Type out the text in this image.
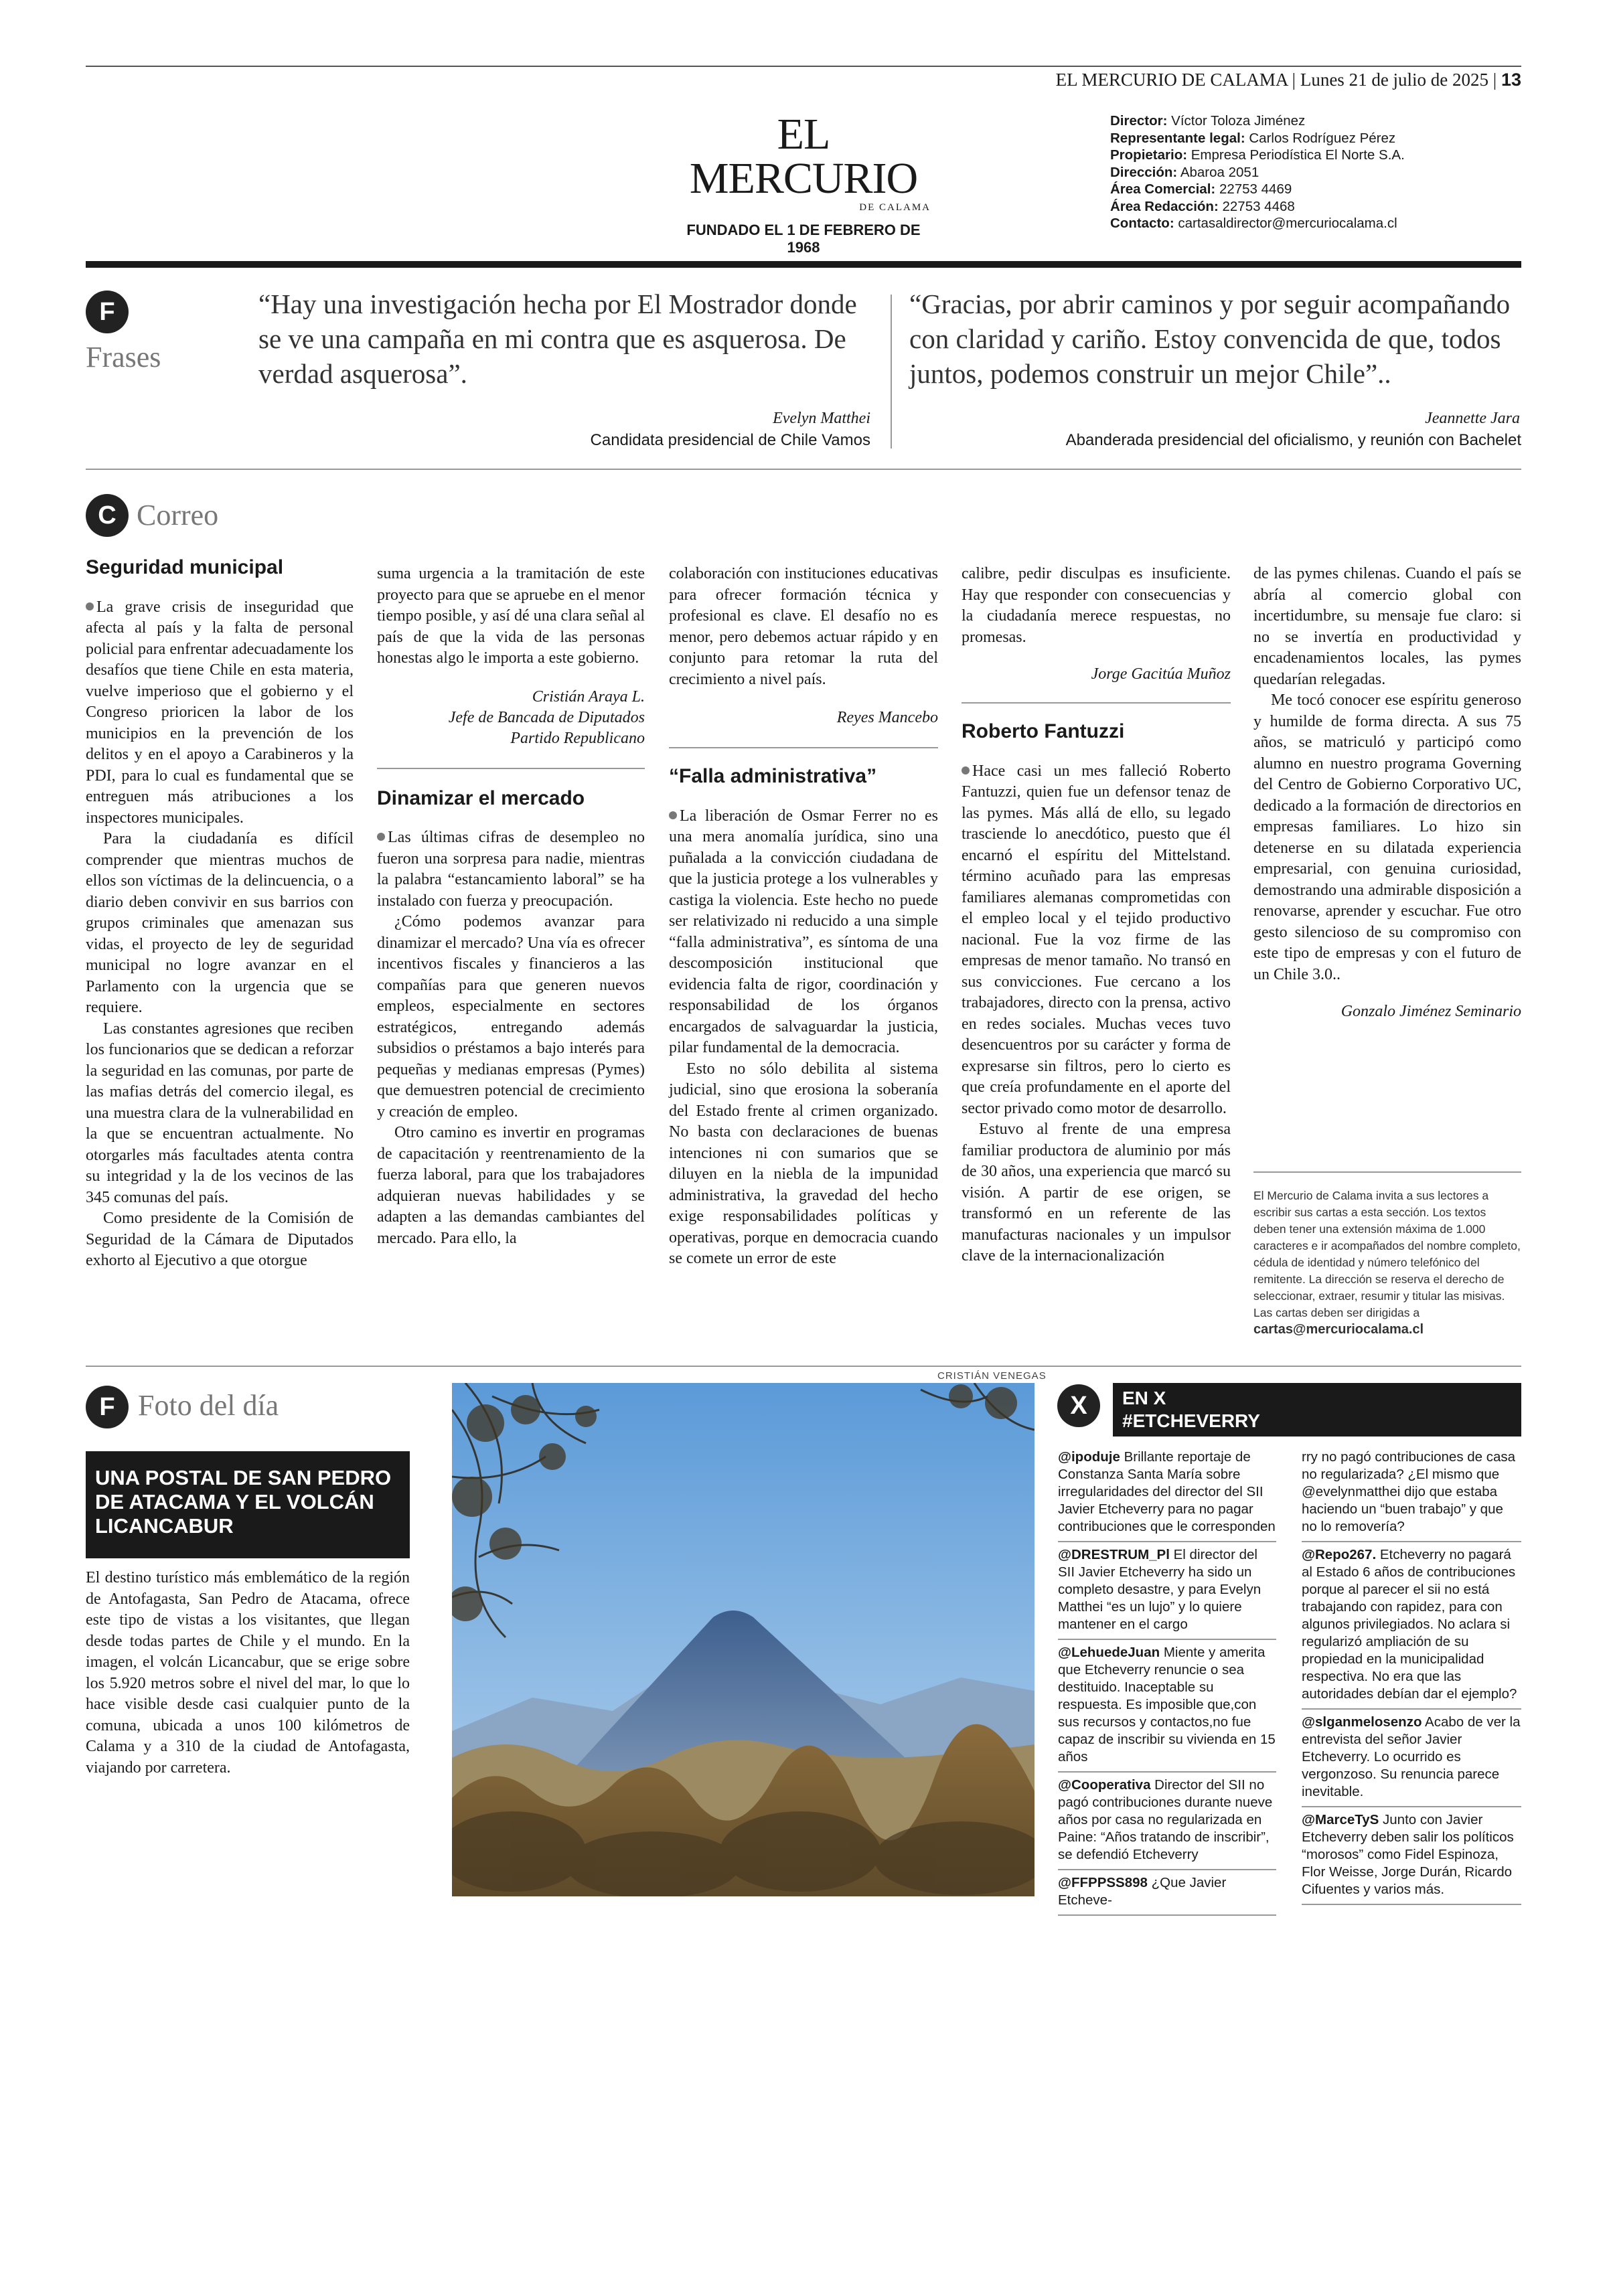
EL MERCURIO DE CALAMA | Lunes 21 de julio de 2025 | 13
EL MERCURIO
DE CALAMA
FUNDADO EL 1 DE FEBRERO DE 1968
Director: Víctor Toloza Jiménez
Representante legal: Carlos Rodríguez Pérez
Propietario: Empresa Periodística El Norte S.A.
Dirección: Abaroa 2051
Área Comercial: 22753 4469
Área Redacción: 22753 4468
Contacto: cartasaldirector@mercuriocalama.cl
F
Frases
“Hay una investigación hecha por El Mostrador donde se ve una campaña en mi contra que es asquerosa. De verdad asquerosa”.
Evelyn Matthei
Candidata presidencial de Chile Vamos
“Gracias, por abrir caminos y por seguir acompañando con claridad y cariño. Estoy convencida de que, todos juntos, podemos construir un mejor Chile”..
Jeannette Jara
Abanderada presidencial del oficialismo, y reunión con Bachelet
C Correo
Seguridad municipal

La grave crisis de inseguridad que afecta al país y la falta de personal policial para enfrentar adecuadamente los desafíos que tiene Chile en esta materia, vuelve imperioso que el gobierno y el Congreso prioricen la labor de los municipios en la prevención de los delitos y en el apoyo a Carabineros y la PDI, para lo cual es fundamental que se entreguen más atribuciones a los inspectores municipales.

Para la ciudadanía es difícil comprender que mientras muchos de ellos son víctimas de la delincuencia, o a diario deben convivir en sus barrios con grupos criminales que amenazan sus vidas, el proyecto de ley de seguridad municipal no logre avanzar en el Parlamento con la urgencia que se requiere.

Las constantes agresiones que reciben los funcionarios que se dedican a reforzar la seguridad en las comunas, por parte de las mafias detrás del comercio ilegal, es una muestra clara de la vulnerabilidad en la que se encuentran actualmente. No otorgarles más facultades atenta contra su integridad y la de los vecinos de las 345 comunas del país.

Como presidente de la Comisión de Seguridad de la Cámara de Diputados exhorto al Ejecutivo a que otorgue

suma urgencia a la tramitación de este proyecto para que se apruebe en el menor tiempo posible, y así dé una clara señal al país de que la vida de las personas honestas algo le importa a este gobierno.

Cristián Araya L.
Jefe de Bancada de Diputados
Partido Republicano
Dinamizar el mercado

Las últimas cifras de desempleo no fueron una sorpresa para nadie, mientras la palabra “estancamiento laboral” se ha instalado con fuerza y preocupación.

¿Cómo podemos avanzar para dinamizar el mercado? Una vía es ofrecer incentivos fiscales y financieros a las compañías para que generen nuevos empleos, especialmente en sectores estratégicos, entregando además subsidios o préstamos a bajo interés para pequeñas y medianas empresas (Pymes) que demuestren potencial de crecimiento y creación de empleo.

Otro camino es invertir en programas de capacitación y reentrenamiento de la fuerza laboral, para que los trabajadores adquieran nuevas habilidades y se adapten a las demandas cambiantes del mercado. Para ello, la

colaboración con instituciones educativas para ofrecer formación técnica y profesional es clave. El desafío no es menor, pero debemos actuar rápido y en conjunto para retomar la ruta del crecimiento a nivel país.

Reyes Mancebo
“Falla administrativa”

La liberación de Osmar Ferrer no es una mera anomalía jurídica, sino una puñalada a la convicción ciudadana de que la justicia protege a los vulnerables y castiga la violencia. Este hecho no puede ser relativizado ni reducido a una simple “falla administrativa”, es síntoma de una descomposición institucional que evidencia falta de rigor, coordinación y responsabilidad de los órganos encargados de salvaguardar la justicia, pilar fundamental de la democracia.

Esto no sólo debilita al sistema judicial, sino que erosiona la soberanía del Estado frente al crimen organizado. No basta con declaraciones de buenas intenciones ni con sumarios que se diluyen en la niebla de la impunidad administrativa, la gravedad del hecho exige responsabilidades políticas y operativas, porque en democracia cuando se comete un error de este

calibre, pedir disculpas es insuficiente. Hay que responder con consecuencias y la ciudadanía merece respuestas, no promesas.

Jorge Gacitúa Muñoz
Roberto Fantuzzi

Hace casi un mes falleció Roberto Fantuzzi, quien fue un defensor tenaz de las pymes. Más allá de ello, su legado trasciende lo anecdótico, puesto que él encarnó el espíritu del Mittelstand. término acuñado para las empresas familiares alemanas comprometidas con el empleo local y el tejido productivo nacional. Fue la voz firme de las empresas de menor tamaño. No transó en sus convicciones. Fue cercano a los trabajadores, directo con la prensa, activo en redes sociales. Muchas veces tuvo desencuentros por su carácter y forma de expresarse sin filtros, pero lo cierto es que creía profundamente en el aporte del sector privado como motor de desarrollo.

Estuvo al frente de una empresa familiar productora de aluminio por más de 30 años, una experiencia que marcó su visión. A partir de ese origen, se transformó en un referente de las manufacturas nacionales y un impulsor clave de la internacionalización

de las pymes chilenas. Cuando el país se abría al comercio global con incertidumbre, su mensaje fue claro: si no se invertía en productividad y encadenamientos locales, las pymes quedarían relegadas.

Me tocó conocer ese espíritu generoso y humilde de forma directa. A sus 75 años, se matriculó y participó como alumno en nuestro programa Governing del Centro de Gobierno Corporativo UC, dedicado a la formación de directorios en empresas familiares. Lo hizo sin detenerse en su dilatada experiencia empresarial, con genuina curiosidad, demostrando una admirable disposición a renovarse, aprender y escuchar. Fue otro gesto silencioso de su compromiso con este tipo de empresas y con el futuro de un Chile 3.0..

Gonzalo Jiménez Seminario
El Mercurio de Calama invita a sus lectores a escribir sus cartas a esta sección. Los textos deben tener una extensión máxima de 1.000 caracteres e ir acompañados del nombre completo, cédula de identidad y número telefónico del remitente. La dirección se reserva el derecho de seleccionar, extraer, resumir y titular las misivas. Las cartas deben ser dirigidas a cartas@mercuriocalama.cl
F Foto del día
UNA POSTAL DE SAN PEDRO DE ATACAMA Y EL VOLCÁN LICANCABUR

El destino turístico más emblemático de la región de Antofagasta, San Pedro de Atacama, ofrece este tipo de vistas a los visitantes, que llegan desde todas partes de Chile y el mundo. En la imagen, el volcán Licancabur, que se erige sobre los 5.920 metros sobre el nivel del mar, lo que lo hace visible desde casi cualquier punto de la comuna, ubicada a unos 100 kilómetros de Calama y a 310 de la ciudad de Antofagasta, viajando por carretera.

CRISTIÁN VENEGAS
X	EN X
#ETCHEVERRY
@ipoduje Brillante reportaje de Constanza Santa María sobre irregularidades del director del SII Javier Etcheverry para no pagar contribuciones que le corresponden
@DRESTRUM_Pl El director del SII Javier Etcheverry ha sido un completo desastre, y para Evelyn Matthei “es un lujo” y lo quiere mantener en el cargo
@LehuedeJuan Miente y amerita que Etcheverry renuncie o sea destituido. Inaceptable su respuesta. Es imposible que,con sus recursos y contactos,no fue capaz de inscribir su vivienda en 15 años
@Cooperativa Director del SII no pagó contribuciones durante nueve años por casa no regularizada en Paine: “Años tratando de inscribir”, se defendió Etcheverry
@FFPPSS898 ¿Que Javier Etcheve-
rry no pagó contribuciones de casa no regularizada? ¿El mismo que @evelynmatthei dijo que estaba haciendo un “buen trabajo” y que no lo removería?
@Repo267. Etcheverry no pagará al Estado 6 años de contribuciones porque al parecer el sii no está trabajando con rapidez, para con algunos privilegiados. No aclara si regularizó ampliación de su propiedad en la municipalidad respectiva. No era que las autoridades debían dar el ejemplo?
@slganmelosenzo Acabo de ver la entrevista del señor Javier Etcheverry. Lo ocurrido es vergonzoso. Su renuncia parece inevitable.
@MarceTyS Junto con Javier Etcheverry deben salir los políticos “morosos” como Fidel Espinoza, Flor Weisse, Jorge Durán, Ricardo Cifuentes y varios más.
